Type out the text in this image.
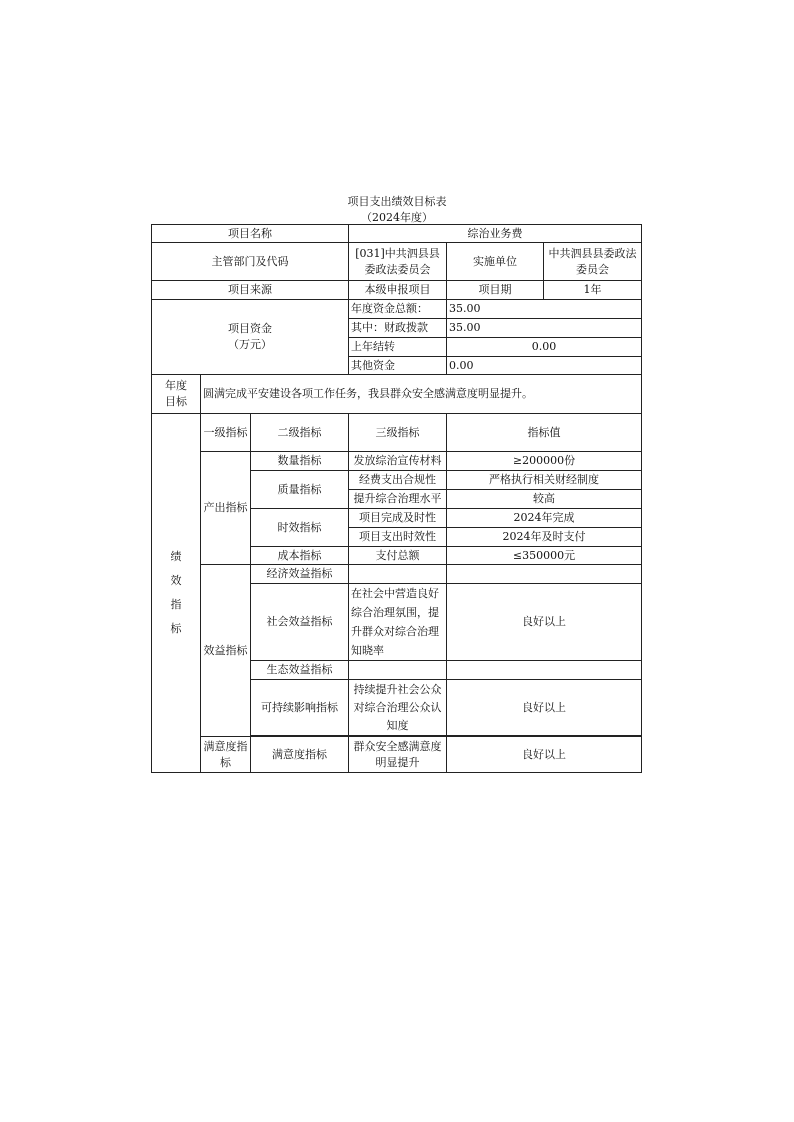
项目支出绩效目标表
（2024年度）
项目名称			综治业务费		
主管部门及代码			[031]中共泗县县委政法委员会	实施单位	中共泗县县委政法委员会
项目来源			本级申报项目	项目期	1年

项目资金
（万元）			年度资金总额：	35.00	
			其中：财政拨款	35.00	
			上年结转	0.00	
			其他资金	0.00	

年度
目标	圆满完成平安建设各项工作任务，我县群众安全感满意度明显提升。				

绩
效
指
标	一级指标	二级指标	三级指标	指标值	
	产出指标	数量指标	发放综治宣传材料	≥200000份	
		质量指标	经费支出合规性	严格执行相关财经制度	
			提升综合治理水平	较高	
		时效指标	项目完成及时性	2024年完成	
			项目支出时效性	2024年及时支付	
		成本指标	支付总额	≤350000元	
	效益指标	经济效益指标			
		社会效益指标	在社会中营造良好综合治理氛围，提升群众对综合治理知晓率	良好以上	
		生态效益指标			
		可持续影响指标	持续提升社会公众对综合治理公众认知度	良好以上	

	满意度指标	满意度指标	群众安全感满意度明显提升	良好以上	
